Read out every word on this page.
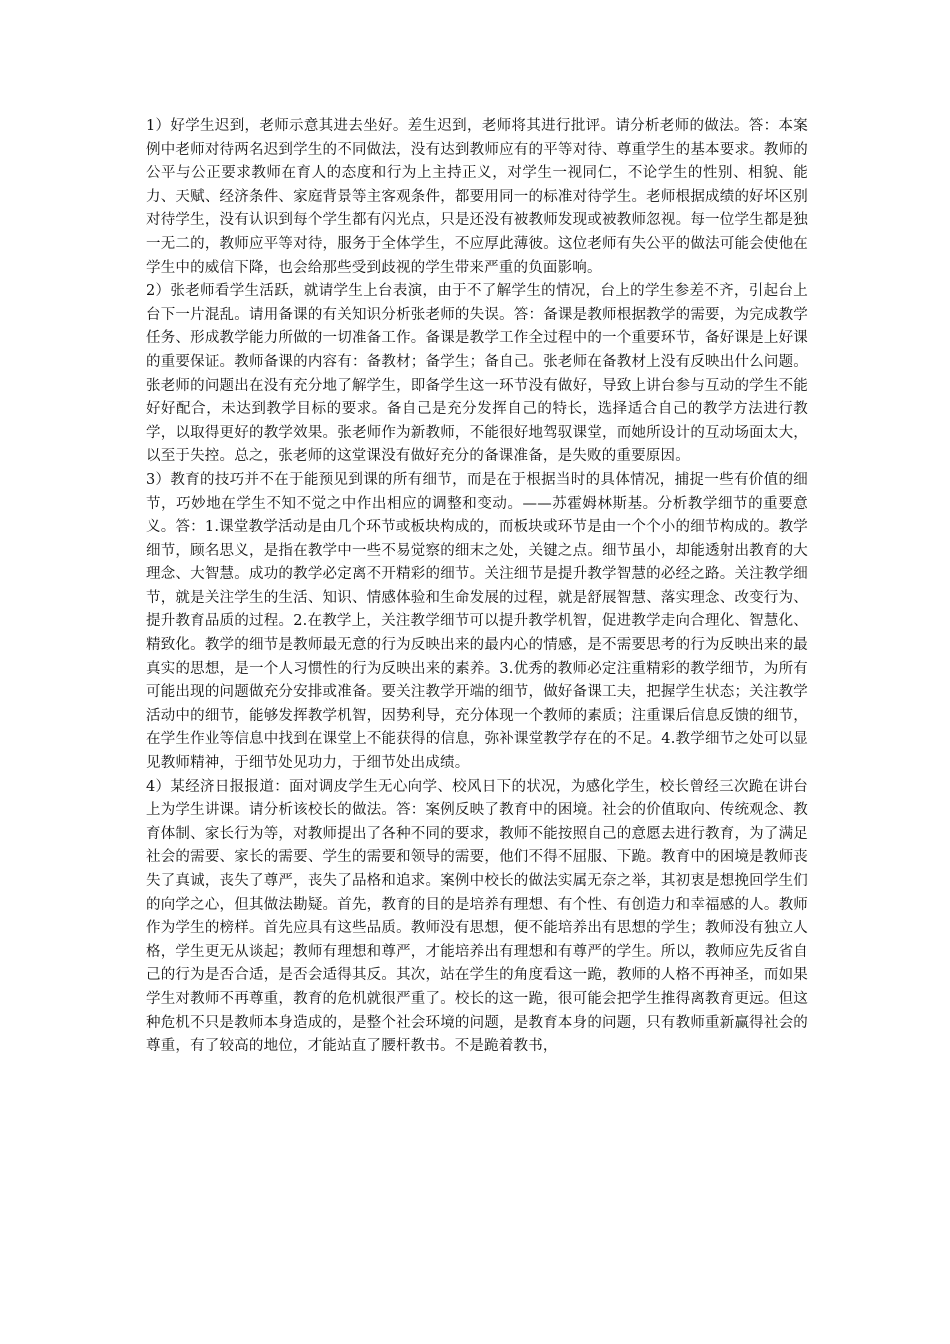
1）好学生迟到，老师示意其进去坐好。差生迟到，老师将其进行批评。请分析老师的做法。答：本案例中老师对待两名迟到学生的不同做法，没有达到教师应有的平等对待、尊重学生的基本要求。教师的公平与公正要求教师在育人的态度和行为上主持正义，对学生一视同仁，不论学生的性别、相貌、能力、天赋、经济条件、家庭背景等主客观条件，都要用同一的标准对待学生。老师根据成绩的好坏区别对待学生，没有认识到每个学生都有闪光点，只是还没有被教师发现或被教师忽视。每一位学生都是独一无二的，教师应平等对待，服务于全体学生，不应厚此薄彼。这位老师有失公平的做法可能会使他在学生中的威信下降，也会给那些受到歧视的学生带来严重的负面影响。

2）张老师看学生活跃，就请学生上台表演，由于不了解学生的情况，台上的学生参差不齐，引起台上台下一片混乱。请用备课的有关知识分析张老师的失误。答：备课是教师根据教学的需要，为完成教学任务、形成教学能力所做的一切准备工作。备课是教学工作全过程中的一个重要环节，备好课是上好课的重要保证。教师备课的内容有：备教材；备学生；备自己。张老师在备教材上没有反映出什么问题。张老师的问题出在没有充分地了解学生，即备学生这一环节没有做好，导致上讲台参与互动的学生不能好好配合，未达到教学目标的要求。备自己是充分发挥自己的特长，选择适合自己的教学方法进行教学，以取得更好的教学效果。张老师作为新教师，不能很好地驾驭课堂，而她所设计的互动场面太大，以至于失控。总之，张老师的这堂课没有做好充分的备课准备，是失败的重要原因。

3）教育的技巧并不在于能预见到课的所有细节，而是在于根据当时的具体情况，捕捉一些有价值的细节，巧妙地在学生不知不觉之中作出相应的调整和变动。——苏霍姆林斯基。分析教学细节的重要意义。答：1.课堂教学活动是由几个环节或板块构成的，而板块或环节是由一个个小的细节构成的。教学细节，顾名思义，是指在教学中一些不易觉察的细末之处，关键之点。细节虽小，却能透射出教育的大理念、大智慧。成功的教学必定离不开精彩的细节。关注细节是提升教学智慧的必经之路。关注教学细节，就是关注学生的生活、知识、情感体验和生命发展的过程，就是舒展智慧、落实理念、改变行为、提升教育品质的过程。2.在教学上，关注教学细节可以提升教学机智，促进教学走向合理化、智慧化、精致化。教学的细节是教师最无意的行为反映出来的最内心的情感，是不需要思考的行为反映出来的最真实的思想，是一个人习惯性的行为反映出来的素养。3.优秀的教师必定注重精彩的教学细节，为所有可能出现的问题做充分安排或准备。要关注教学开端的细节，做好备课工夫，把握学生状态；关注教学活动中的细节，能够发挥教学机智，因势利导，充分体现一个教师的素质；注重课后信息反馈的细节，在学生作业等信息中找到在课堂上不能获得的信息，弥补课堂教学存在的不足。4.教学细节之处可以显见教师精神，于细节处见功力，于细节处出成绩。

4）某经济日报报道：面对调皮学生无心向学、校风日下的状况，为感化学生，校长曾经三次跪在讲台上为学生讲课。请分析该校长的做法。答：案例反映了教育中的困境。社会的价值取向、传统观念、教育体制、家长行为等，对教师提出了各种不同的要求，教师不能按照自己的意愿去进行教育，为了满足社会的需要、家长的需要、学生的需要和领导的需要，他们不得不屈服、下跪。教育中的困境是教师丧失了真诚，丧失了尊严，丧失了品格和追求。案例中校长的做法实属无奈之举，其初衷是想挽回学生们的向学之心，但其做法勘疑。首先，教育的目的是培养有理想、有个性、有创造力和幸福感的人。教师作为学生的榜样。首先应具有这些品质。教师没有思想，便不能培养出有思想的学生；教师没有独立人格，学生更无从谈起；教师有理想和尊严，才能培养出有理想和有尊严的学生。所以，教师应先反省自己的行为是否合适，是否会适得其反。其次，站在学生的角度看这一跪，教师的人格不再神圣，而如果学生对教师不再尊重，教育的危机就很严重了。校长的这一跪，很可能会把学生推得离教育更远。但这种危机不只是教师本身造成的，是整个社会环境的问题，是教育本身的问题，只有教师重新赢得社会的尊重，有了较高的地位，才能站直了腰杆教书。不是跪着教书，
